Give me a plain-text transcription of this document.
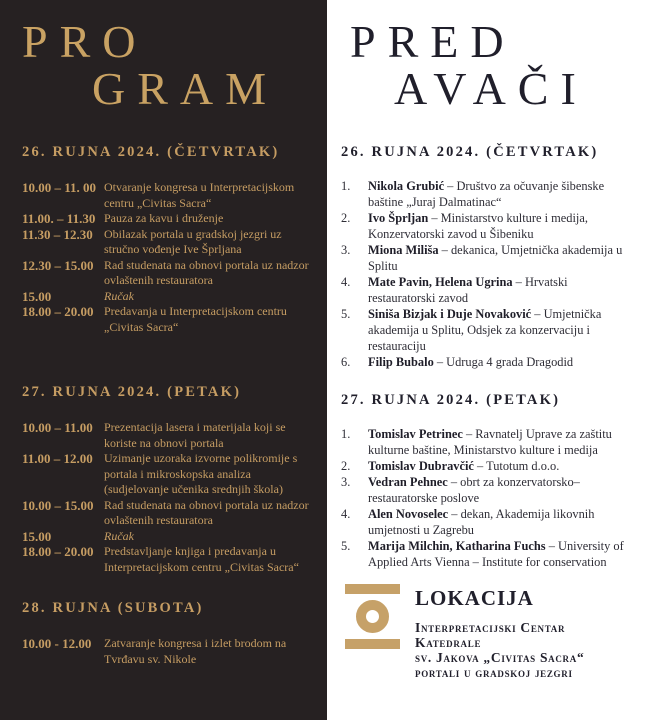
PRO
GRAM
26. RUJNA 2024. (ČETVRTAK)
10.00 – 11. 00 Otvaranje kongresa u Interpretacijskom centru „Civitas Sacra“
11.00. – 11.30 Pauza za kavu i druženje
11.30 – 12.30 Obilazak portala u gradskoj jezgri uz stručno vođenje Ive Šprljana
12.30 – 15.00 Rad studenata na obnovi portala uz nadzor ovlaštenih restauratora
15.00	Ručak
18.00 – 20.00 Predavanja u Interpretacijskom centru „Civitas Sacra“
27. RUJNA 2024. (PETAK)
10.00 – 11.00 Prezentacija lasera i materijala koji se koriste na obnovi portala
11.00 – 12.00 Uzimanje uzoraka izvorne polikromije s portala i mikroskopska analiza (sudjelovanje učenika srednjih škola)
10.00 – 15.00 Rad studenata na obnovi portala uz nadzor ovlaštenih restauratora
15.00	Ručak
18.00 – 20.00 Predstavljanje knjiga i predavanja u Interpretacijskom centru „Civitas Sacra“
28. RUJNA (SUBOTA)
10.00 - 12.00	Zatvaranje kongresa i izlet brodom na Tvrđavu sv. Nikole
PRED
AVAČI
26. RUJNA 2024. (ČETVRTAK)
1.	Nikola Grubić – Društvo za očuvanje šibenske baštine „Juraj Dalmatinac“
2.	Ivo Šprljan – Ministarstvo kulture i medija, Konzervatorski zavod u Šibeniku
3.	Miona Miliša – dekanica, Umjetnička akademija u Splitu
4.	Mate Pavin, Helena Ugrina – Hrvatski restauratorski zavod
5.	Siniša Bizjak i Duje Novaković – Umjetnička akademija u Splitu, Odsjek za konzervaciju i restauraciju
6.	Filip Bubalo – Udruga 4 grada Dragodid
27. RUJNA 2024. (PETAK)
1.	Tomislav Petrinec – Ravnatelj Uprave za zaštitu kulturne baštine, Ministarstvo kulture i medija
2.	Tomislav Dubravčić – Tutotum d.o.o.
3.	Vedran Pehnec – obrt za konzervatorsko–restauratorske poslove
4.	Alen Novoselec – dekan, Akademija likovnih umjetnosti u Zagrebu
5.	Marija Milchin, Katharina Fuchs – University of Applied Arts Vienna – Institute for conservation
LOKACIJA

Interpretacijski Centar Katedrale

sv. Jakova „Civitas Sacra“

portali u gradskoj jezgri
